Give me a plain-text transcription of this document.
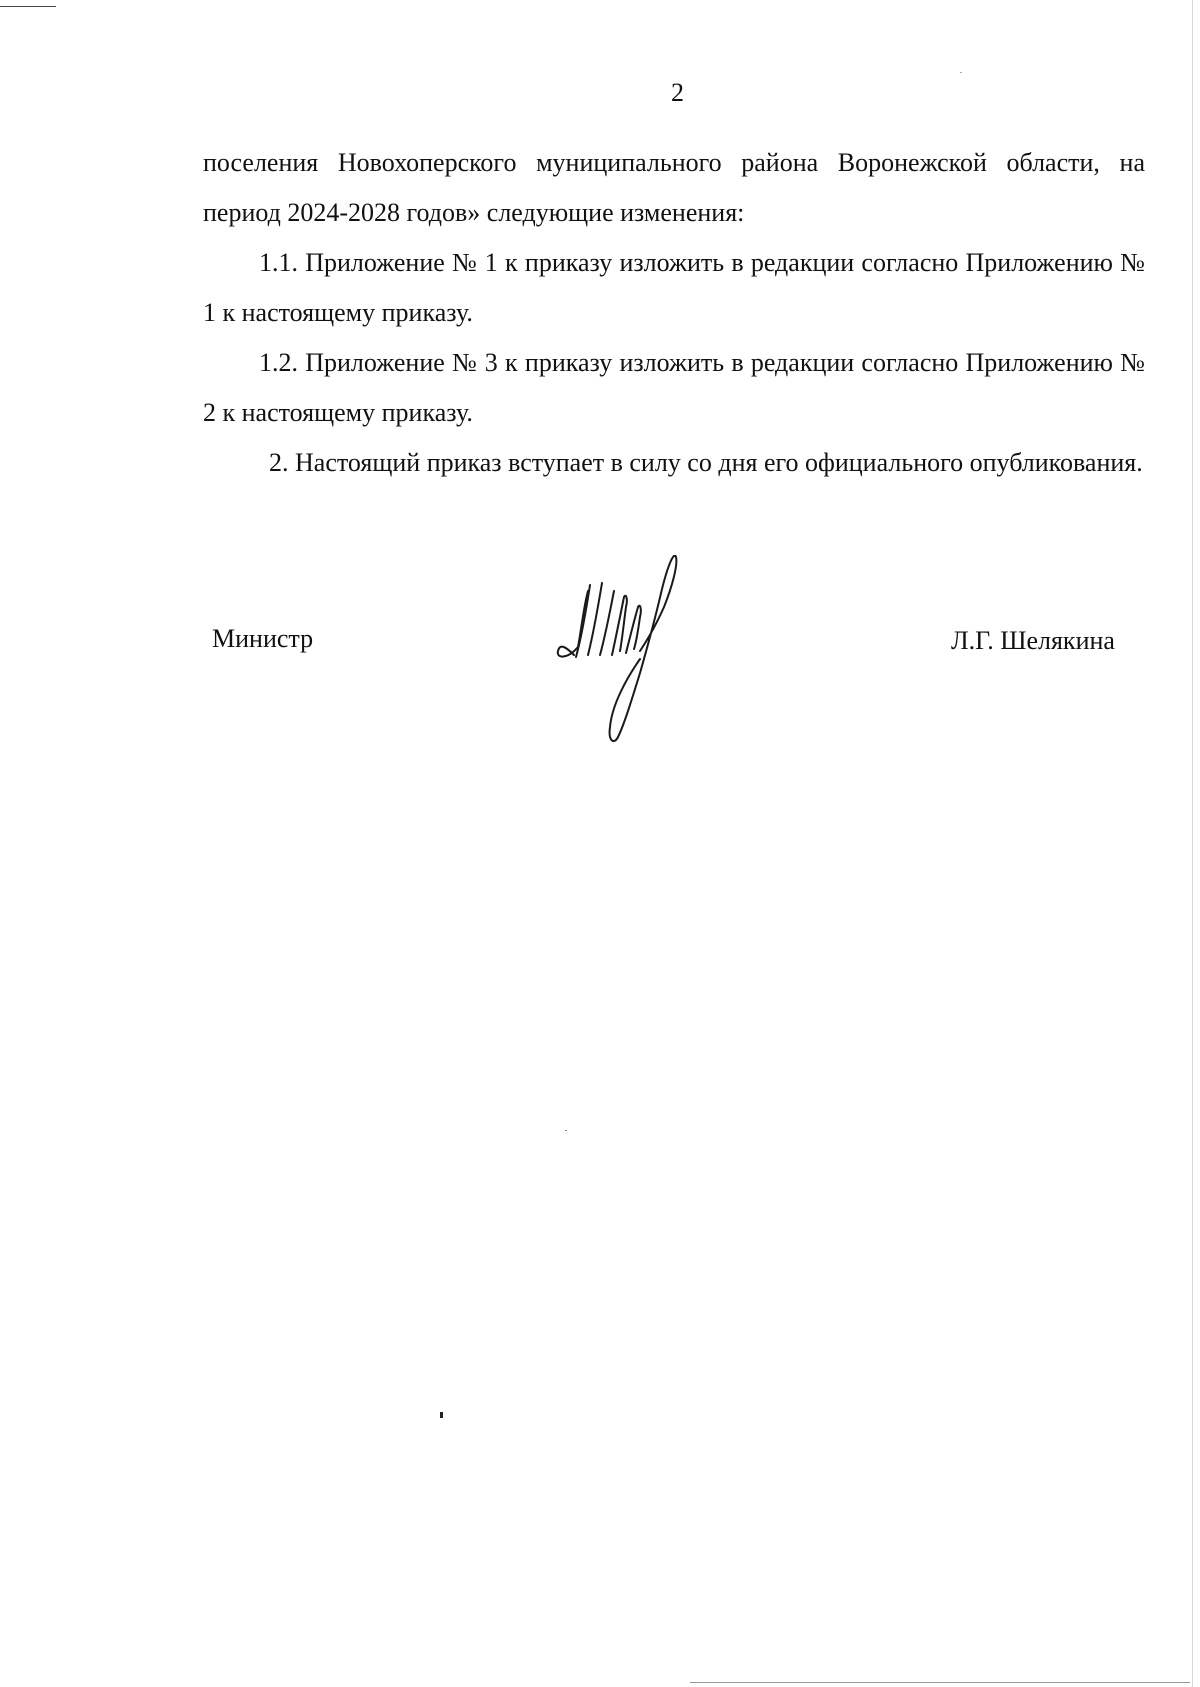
2

поселения Новохоперского муниципального района Воронежской области, на период 2024-2028 годов» следующие изменения:

1.1. Приложение № 1 к приказу изложить в редакции согласно Приложению № 1 к настоящему приказу.

1.2. Приложение № 3 к приказу изложить в редакции согласно Приложению № 2 к настоящему приказу.

2. Настоящий приказ вступает в силу со дня его официального опубликования.

Министр	Л.Г. Шелякина
